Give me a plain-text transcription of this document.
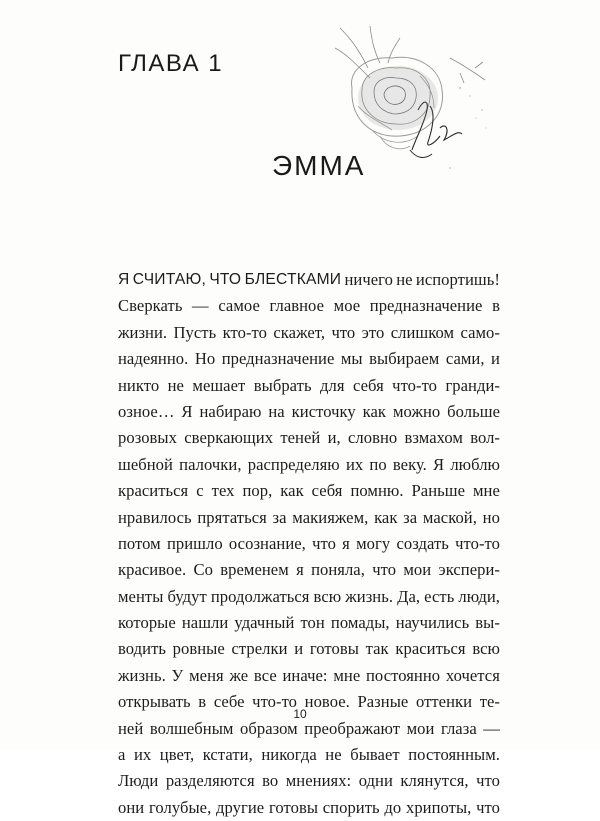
ГЛАВА 1
ЭММА
Я СЧИТАЮ, ЧТО БЛЕСТКАМИ ничего не испортишь!
Сверкать — самое главное мое предназначение в
жизни. Пусть кто-то скажет, что это слишком само-
надеянно. Но предназначение мы выбираем сами, и
никто не мешает выбрать для себя что-то гранди-
озное… Я набираю на кисточку как можно больше
розовых сверкающих теней и, словно взмахом вол-
шебной палочки, распределяю их по веку. Я люблю
краситься с тех пор, как себя помню. Раньше мне
нравилось прятаться за макияжем, как за маской, но
потом пришло осознание, что я могу создать что-то
красивое. Со временем я поняла, что мои экспери-
менты будут продолжаться всю жизнь. Да, есть люди,
которые нашли удачный тон помады, научились вы-
водить ровные стрелки и готовы так краситься всю
жизнь. У меня же все иначе: мне постоянно хочется
открывать в себе что-то новое. Разные оттенки те-
ней волшебным образом преображают мои глаза —
а их цвет, кстати, никогда не бывает постоянным.
Люди разделяются во мнениях: одни клянутся, что
они голубые, другие готовы спорить до хрипоты, что
10
